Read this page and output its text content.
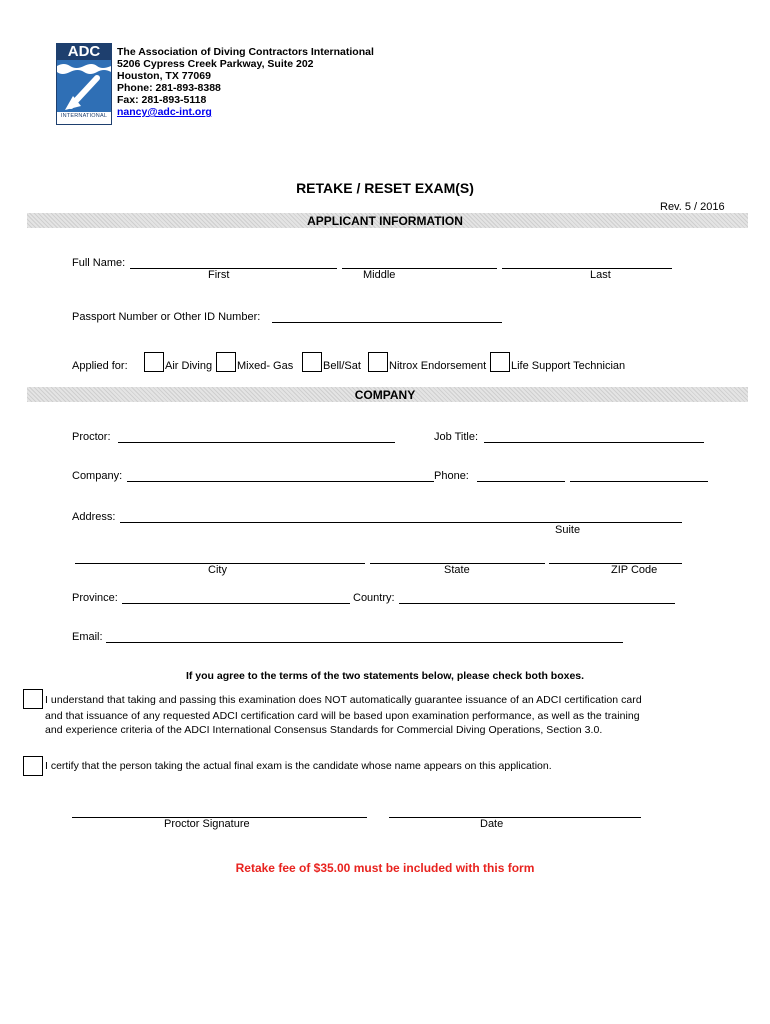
ADC
INTERNATIONAL
The Association of Diving Contractors International
5206 Cypress Creek Parkway, Suite 202
Houston, TX 77069
Phone: 281-893-8388
Fax: 281-893-5118
nancy@adc-int.org
RETAKE / RESET EXAM(S)
Rev. 5 / 2016
APPLICANT INFORMATION
Full Name:
First	Middle	Last
Passport Number or Other ID Number:
Applied for:	Air Diving Mixed- Gas	Bell/Sat	Nitrox Endorsement Life Support Technician
COMPANY
Proctor:	Job Title:
Company:	Phone:
Address:
Suite
City	State	ZIP Code
Province:	Country:
Email:
If you agree to the terms of the two statements below, please check both boxes.
I understand that taking and passing this examination does NOT automatically guarantee issuance of an ADCI certification card
and that issuance of any requested ADCI certification card will be based upon examination performance, as well as the training
and experience criteria of the ADCI International Consensus Standards for Commercial Diving Operations, Section 3.0.
I certify that the person taking the actual final exam is the candidate whose name appears on this application.
Proctor Signature	Date
Retake fee of $35.00 must be included with this form
